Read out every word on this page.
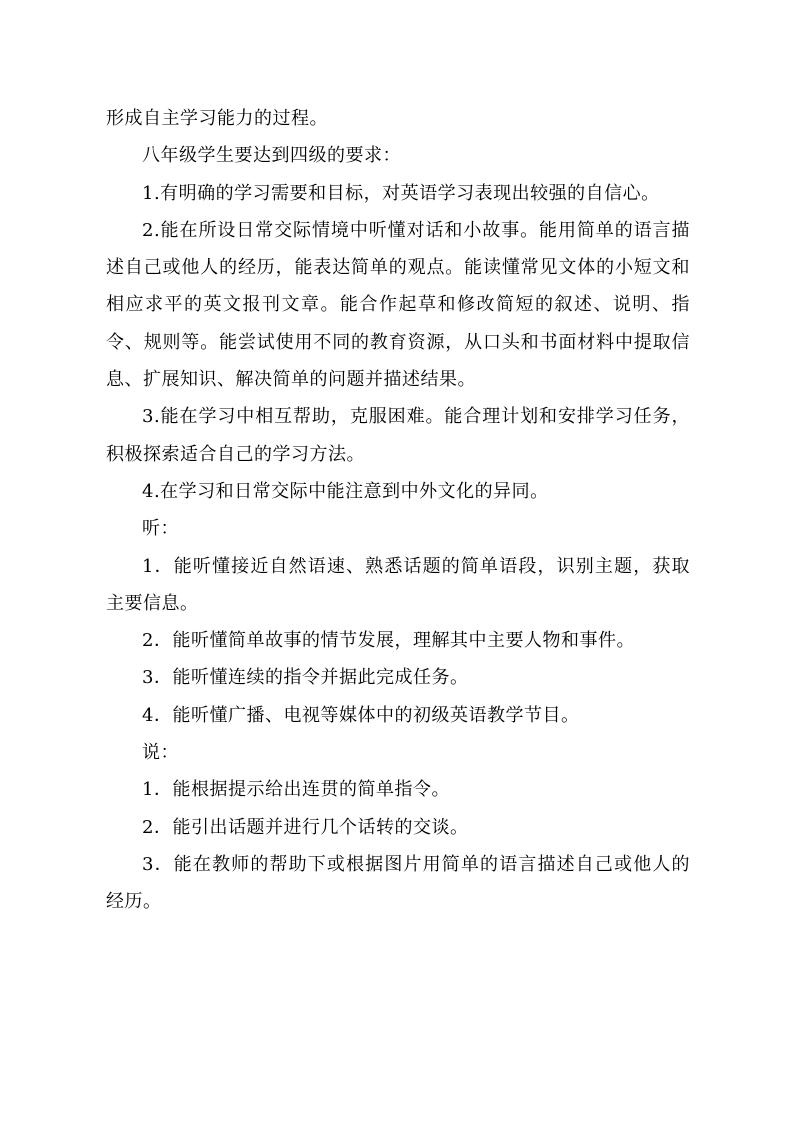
形成自主学习能力的过程。

八年级学生要达到四级的要求：

1.有明确的学习需要和目标，对英语学习表现出较强的自信心。

2.能在所设日常交际情境中听懂对话和小故事。能用简单的语言描述自己或他人的经历，能表达简单的观点。能读懂常见文体的小短文和相应求平的英文报刊文章。能合作起草和修改简短的叙述、说明、指令、规则等。能尝试使用不同的教育资源，从口头和书面材料中提取信息、扩展知识、解决简单的问题并描述结果。

3.能在学习中相互帮助，克服困难。能合理计划和安排学习任务，积极探索适合自己的学习方法。

4.在学习和日常交际中能注意到中外文化的异同。

听：

1．能听懂接近自然语速、熟悉话题的简单语段，识别主题，获取主要信息。

2．能听懂简单故事的情节发展，理解其中主要人物和事件。

3．能听懂连续的指令并据此完成任务。

4．能听懂广播、电视等媒体中的初级英语教学节目。

说：

1．能根据提示给出连贯的简单指令。

2．能引出话题并进行几个话转的交谈。

3．能在教师的帮助下或根据图片用简单的语言描述自己或他人的经历。
